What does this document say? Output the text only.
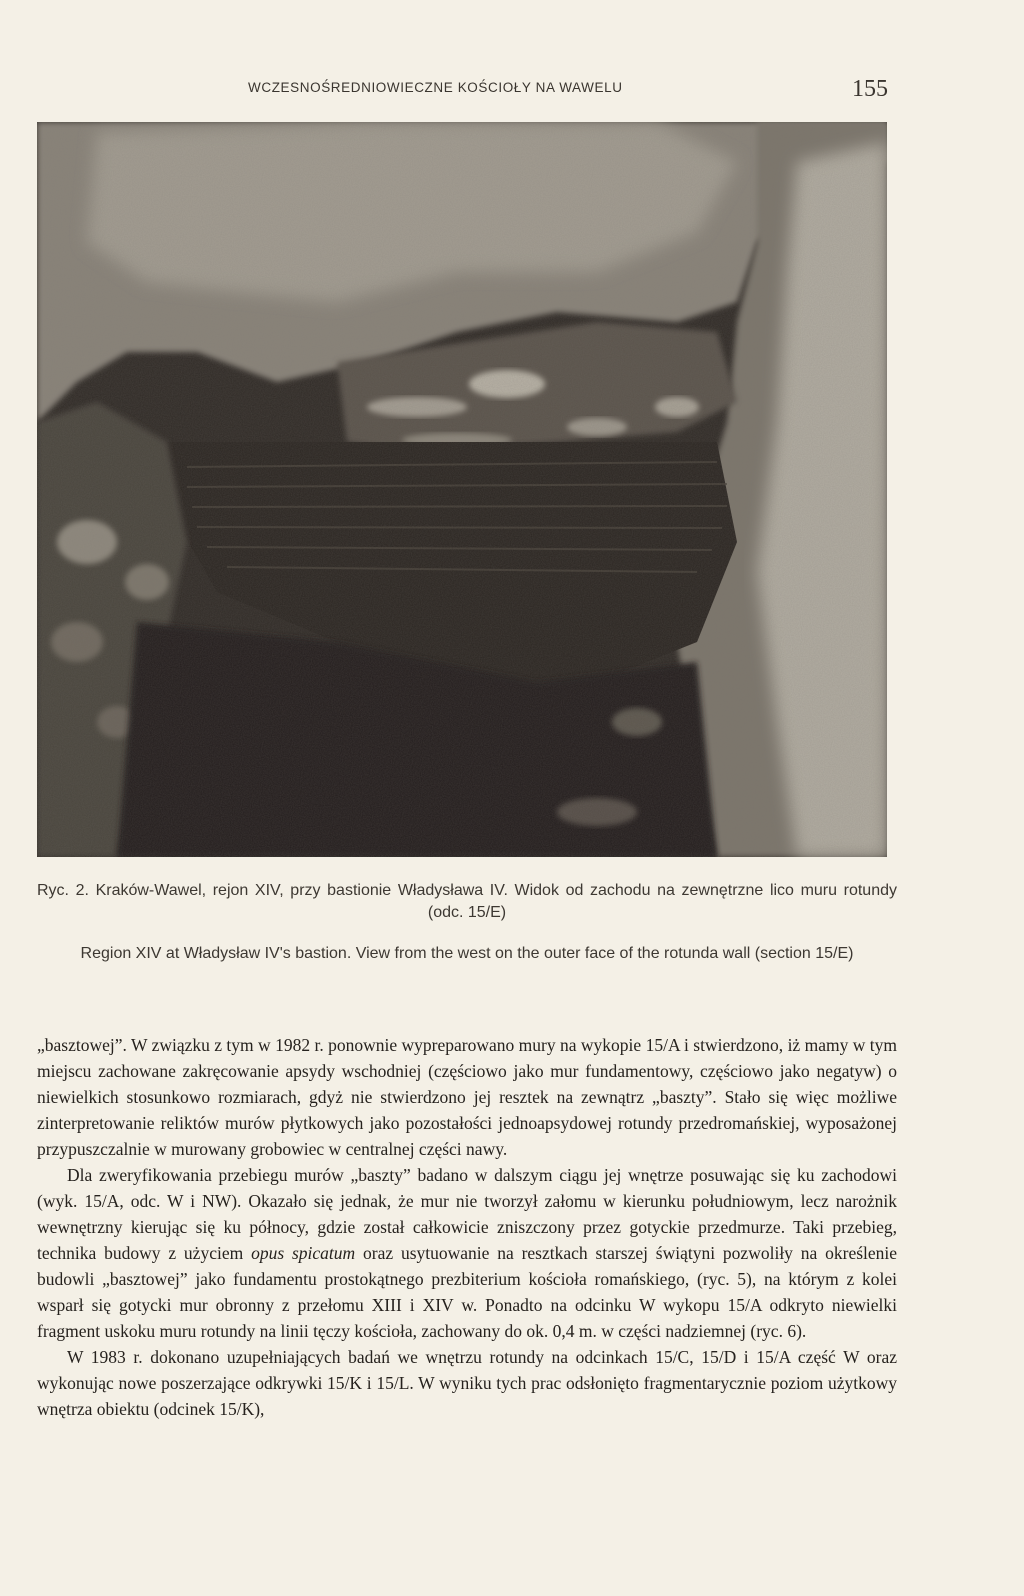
WCZESNOŚREDNIOWIECZNE KOŚCIOŁY NA WAWELU	155
Ryc. 2. Kraków-Wawel, rejon XIV, przy bastionie Władysława IV. Widok od zachodu na zewnętrzne lico muru rotundy (odc. 15/E)
Region XIV at Władysław IV's bastion. View from the west on the outer face of the rotunda wall (section 15/E)

„basztowej”. W związku z tym w 1982 r. ponownie wypreparowano mury na wykopie 15/A i stwierdzono, iż mamy w tym miejscu zachowane zakręcowanie apsydy wschodniej (częściowo jako mur fundamentowy, częściowo jako negatyw) o niewielkich stosunkowo rozmiarach, gdyż nie stwierdzono jej resztek na zewnątrz „baszty”. Stało się więc możliwe zinterpretowanie reliktów murów płytkowych jako pozostałości jednoapsydowej rotundy przedromańskiej, wyposażonej przypuszczalnie w murowany grobowiec w centralnej części nawy.

Dla zweryfikowania przebiegu murów „baszty” badano w dalszym ciągu jej wnętrze posuwając się ku zachodowi (wyk. 15/A, odc. W i NW). Okazało się jednak, że mur nie tworzył załomu w kierunku południowym, lecz narożnik wewnętrzny kierując się ku północy, gdzie został całkowicie zniszczony przez gotyckie przedmurze. Taki przebieg, technika budowy z użyciem opus spicatum oraz usytuowanie na resztkach starszej świątyni pozwoliły na określenie budowli „basztowej” jako fundamentu prostokątnego prezbiterium kościoła romańskiego, (ryc. 5), na którym z kolei wsparł się gotycki mur obronny z przełomu XIII i XIV w. Ponadto na odcinku W wykopu 15/A odkryto niewielki fragment uskoku muru rotundy na linii tęczy kościoła, zachowany do ok. 0,4 m. w części nadziemnej (ryc. 6).

W 1983 r. dokonano uzupełniających badań we wnętrzu rotundy na odcinkach 15/C, 15/D i 15/A część W oraz wykonując nowe poszerzające odkrywki 15/K i 15/L. W wyniku tych prac odsłonięto fragmentarycznie poziom użytkowy wnętrza obiektu (odcinek 15/K),
